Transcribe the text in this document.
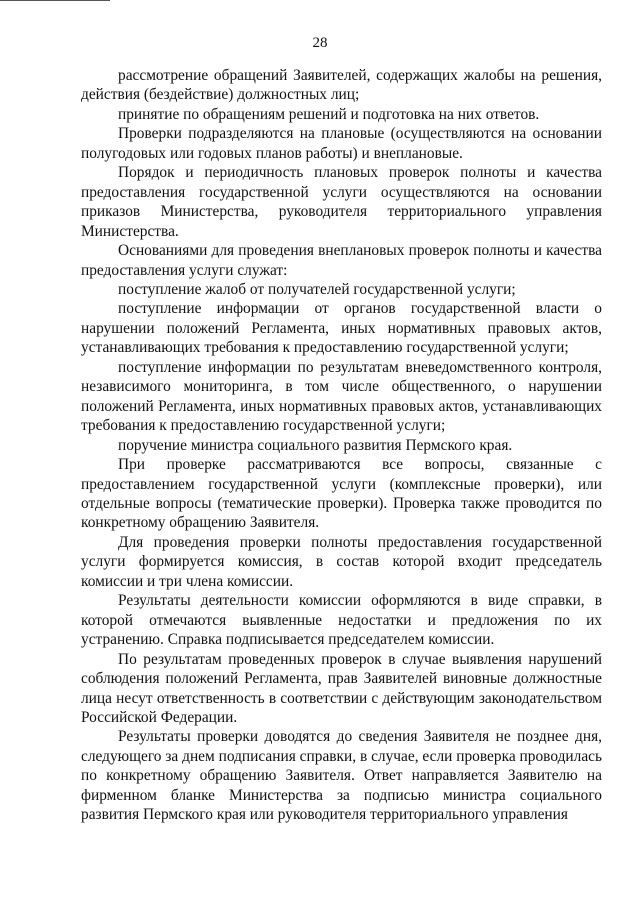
28

рассмотрение обращений Заявителей, содержащих жалобы на решения, действия (бездействие) должностных лиц;

принятие по обращениям решений и подготовка на них ответов.

Проверки подразделяются на плановые (осуществляются на основании полугодовых или годовых планов работы) и внеплановые.

Порядок и периодичность плановых проверок полноты и качества предоставления государственной услуги осуществляются на основании приказов Министерства, руководителя территориального управления Министерства.

Основаниями для проведения внеплановых проверок полноты и качества предоставления услуги служат:

поступление жалоб от получателей государственной услуги;

поступление информации от органов государственной власти о нарушении положений Регламента, иных нормативных правовых актов, устанавливающих требования к предоставлению государственной услуги;

поступление информации по результатам вневедомственного контроля, независимого мониторинга, в том числе общественного, о нарушении положений Регламента, иных нормативных правовых актов, устанавливающих требования к предоставлению государственной услуги;

поручение министра социального развития Пермского края.

При проверке рассматриваются все вопросы, связанные с предоставлением государственной услуги (комплексные проверки), или отдельные вопросы (тематические проверки). Проверка также проводится по конкретному обращению Заявителя.

Для проведения проверки полноты предоставления государственной услуги формируется комиссия, в состав которой входит председатель комиссии и три члена комиссии.

Результаты деятельности комиссии оформляются в виде справки, в которой отмечаются выявленные недостатки и предложения по их устранению. Справка подписывается председателем комиссии.

По результатам проведенных проверок в случае выявления нарушений соблюдения положений Регламента, прав Заявителей виновные должностные лица несут ответственность в соответствии с действующим законодательством Российской Федерации.

Результаты проверки доводятся до сведения Заявителя не позднее дня, следующего за днем подписания справки, в случае, если проверка проводилась по конкретному обращению Заявителя. Ответ направляется Заявителю на фирменном бланке Министерства за подписью министра социального развития Пермского края или руководителя территориального управления
